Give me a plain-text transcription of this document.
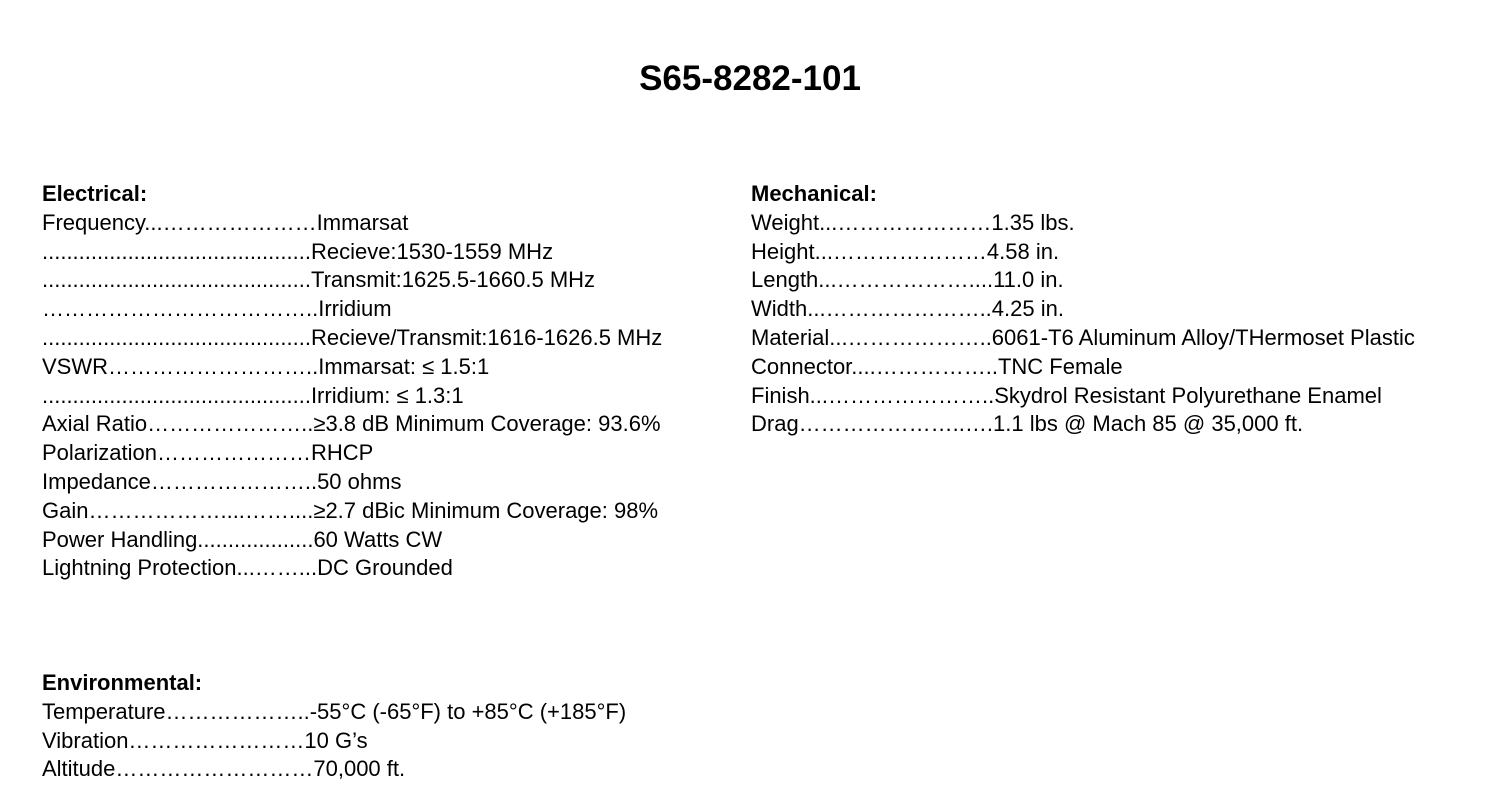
S65-8282-101
Electrical:
Frequency...…………………Immarsat
............................................Recieve:1530-1559 MHz
............................................Transmit:1625.5-1660.5 MHz
………………………………..Irridium
............................................Recieve/Transmit:1616-1626.5 MHz
VSWR………………………..Immarsat: ≤ 1.5:1
............................................Irridium: ≤ 1.3:1
Axial Ratio…………………..≥3.8 dB Minimum Coverage: 93.6%
Polarization…………………RHCP
Impedance…………………..50 ohms
Gain………………....……....≥2.7 dBic Minimum Coverage: 98%
Power Handling...................60 Watts CW
Lightning Protection...……...DC Grounded
Mechanical:
Weight...…………………1.35 lbs.
Height...…………………4.58 in.
Length...………………....11.0 in.
Width...…………………..4.25 in.
Material...………………..6061-T6 Aluminum Alloy/THermoset Plastic
Connector....……………..TNC Female
Finish...…………………..Skydrol Resistant Polyurethane Enamel
Drag…………………..….1.1 lbs @ Mach 85 @ 35,000 ft.
Environmental:
Temperature………………..-55°C (-65°F) to +85°C (+185°F)
Vibration……………………10 G’s
Altitude………………………70,000 ft.
